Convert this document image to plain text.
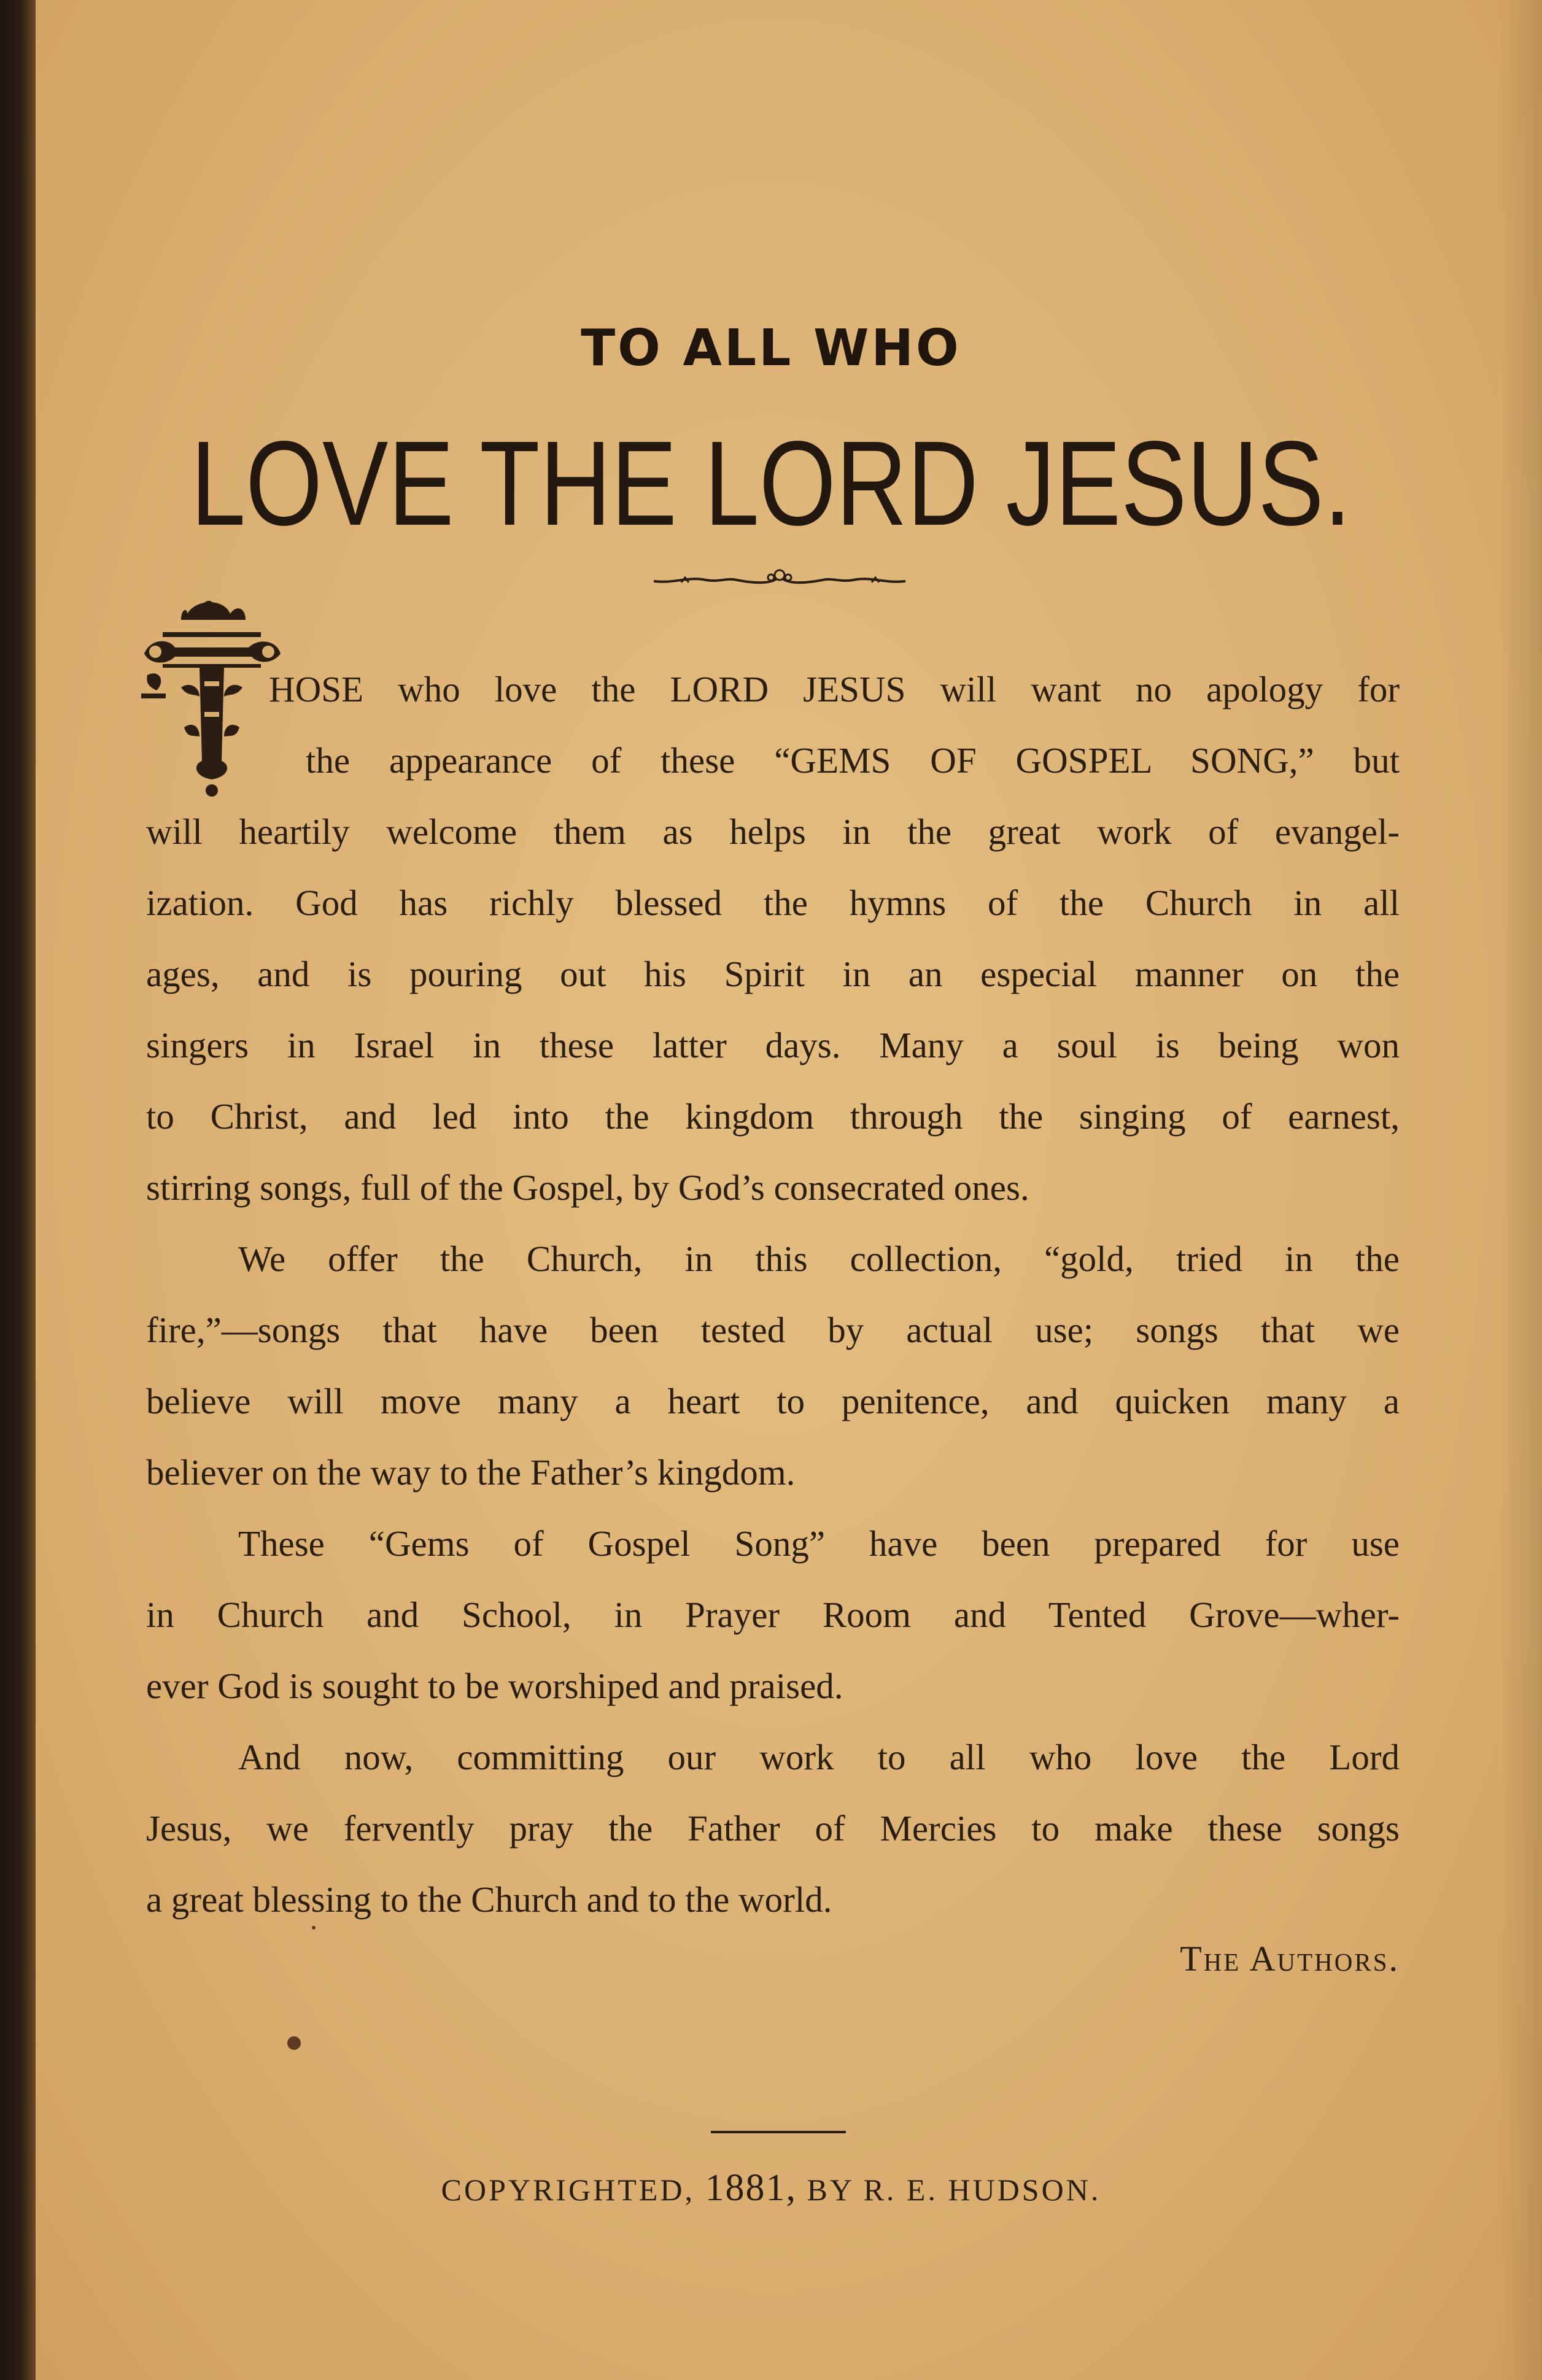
TO ALL WHO
LOVE THE LORD JESUS.

HOSE who love the LORD JESUS will want no apology for
the appearance of these “GEMS OF GOSPEL SONG,” but
will heartily welcome them as helps in the great work of evangel-
ization. God has richly blessed the hymns of the Church in all
ages, and is pouring out his Spirit in an especial manner on the
singers in Israel in these latter days. Many a soul is being won
to Christ, and led into the kingdom through the singing of earnest,
stirring songs, full of the Gospel, by God’s consecrated ones.

We offer the Church, in this collection, “gold, tried in the
fire,”—songs that have been tested by actual use; songs that we
believe will move many a heart to penitence, and quicken many a
believer on the way to the Father’s kingdom.

These “Gems of Gospel Song” have been prepared for use
in Church and School, in Prayer Room and Tented Grove—wher-
ever God is sought to be worshiped and praised.

And now, committing our work to all who love the Lord
Jesus, we fervently pray the Father of Mercies to make these songs
a great blessing to the Church and to the world.

The Authors.
COPYRIGHTED, 1881, BY R. E. HUDSON.
